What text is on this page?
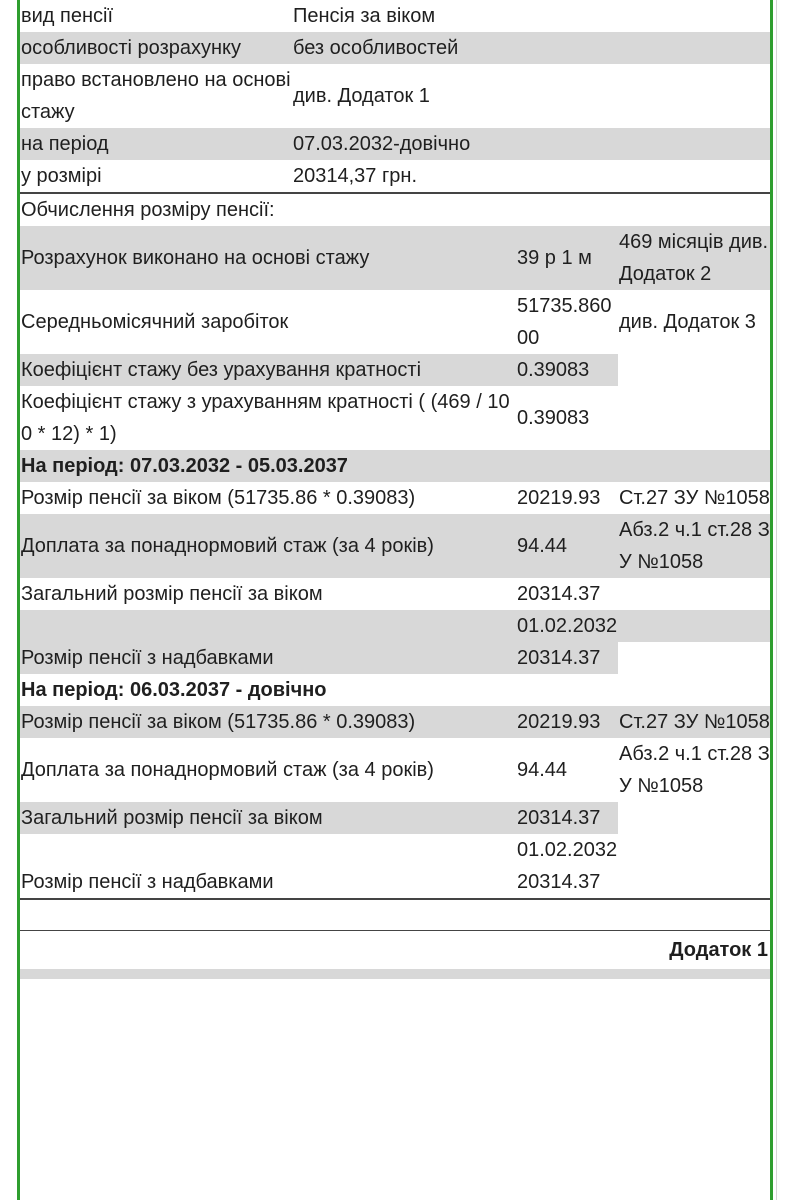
вид пенсії	Пенсія за віком
особливості розрахунку	без особливостей
право встановлено на основі стажу	див. Додаток 1
на період	07.03.2032-довічно
у розмірі	20314,37 грн.
Обчислення розміру пенсії:		
Розрахунок виконано на основі стажу	39 р 1 м	469 місяців див. Додаток 2
Середньомісячний заробіток	51735.86000	див. Додаток 3
Коефіцієнт стажу без урахування кратності	0.39083	
Коефіцієнт стажу з урахуванням кратності ( (469 / 100 * 12) * 1)	0.39083	
На період: 07.03.2032 - 05.03.2037		
Розмір пенсії за віком (51735.86 * 0.39083)	20219.93	Ст.27 ЗУ №1058
Доплата за понаднормовий стаж (за 4 років)	94.44	Абз.2 ч.1 ст.28 ЗУ №1058
Загальний розмір пенсії за віком	20314.37	
	01.02.2032	
Розмір пенсії з надбавками	20314.37	
На період: 06.03.2037 - довічно		
Розмір пенсії за віком (51735.86 * 0.39083)	20219.93	Ст.27 ЗУ №1058
Доплата за понаднормовий стаж (за 4 років)	94.44	Абз.2 ч.1 ст.28 ЗУ №1058
Загальний розмір пенсії за віком	20314.37	
	01.02.2032	
Розмір пенсії з надбавками	20314.37	
Додаток 1
